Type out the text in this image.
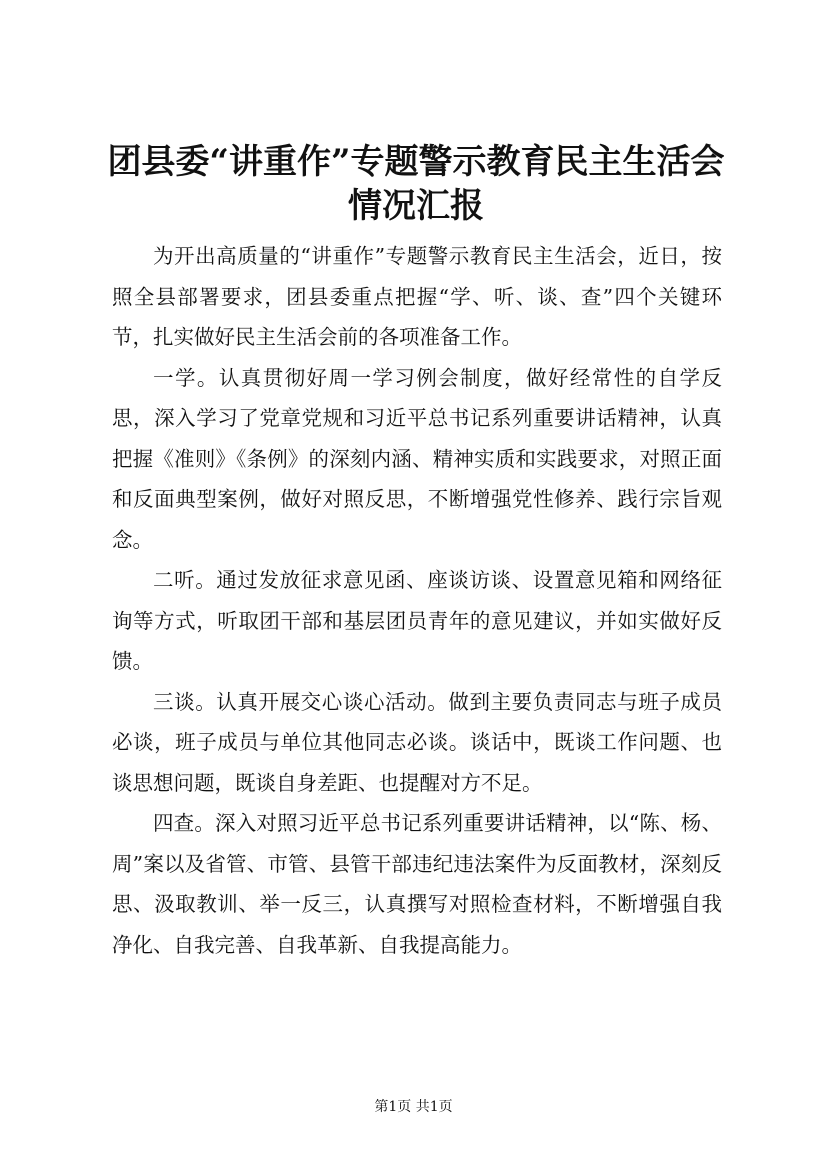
团县委“讲重作”专题警示教育民主生活会情况汇报

为开出高质量的“讲重作”专题警示教育民主生活会，近日，按照全县部署要求，团县委重点把握“学、听、谈、查”四个关键环节，扎实做好民主生活会前的各项准备工作。

一学。认真贯彻好周一学习例会制度，做好经常性的自学反思，深入学习了党章党规和习近平总书记系列重要讲话精神，认真把握《准则》《条例》的深刻内涵、精神实质和实践要求，对照正面和反面典型案例，做好对照反思，不断增强党性修养、践行宗旨观念。

二听。通过发放征求意见函、座谈访谈、设置意见箱和网络征询等方式，听取团干部和基层团员青年的意见建议，并如实做好反馈。

三谈。认真开展交心谈心活动。做到主要负责同志与班子成员必谈，班子成员与单位其他同志必谈。谈话中，既谈工作问题、也谈思想问题，既谈自身差距、也提醒对方不足。

四查。深入对照习近平总书记系列重要讲话精神，以“陈、杨、周”案以及省管、市管、县管干部违纪违法案件为反面教材，深刻反思、汲取教训、举一反三，认真撰写对照检查材料，不断增强自我净化、自我完善、自我革新、自我提高能力。

第1页 共1页
